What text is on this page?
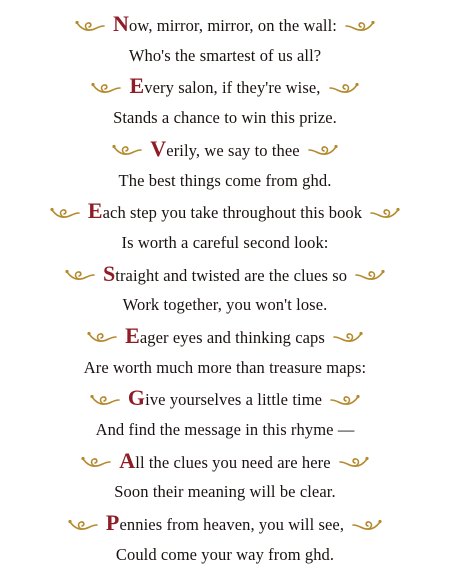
Now, mirror, mirror, on the wall:
Who's the smartest of us all?
Every salon, if they're wise,
Stands a chance to win this prize.
Verily, we say to thee
The best things come from ghd.
Each step you take throughout this book
Is worth a careful second look:
Straight and twisted are the clues so
Work together, you won't lose.
Eager eyes and thinking caps
Are worth much more than treasure maps:
Give yourselves a little time
And find the message in this rhyme —
All the clues you need are here
Soon their meaning will be clear.
Pennies from heaven, you will see,
Could come your way from ghd.
